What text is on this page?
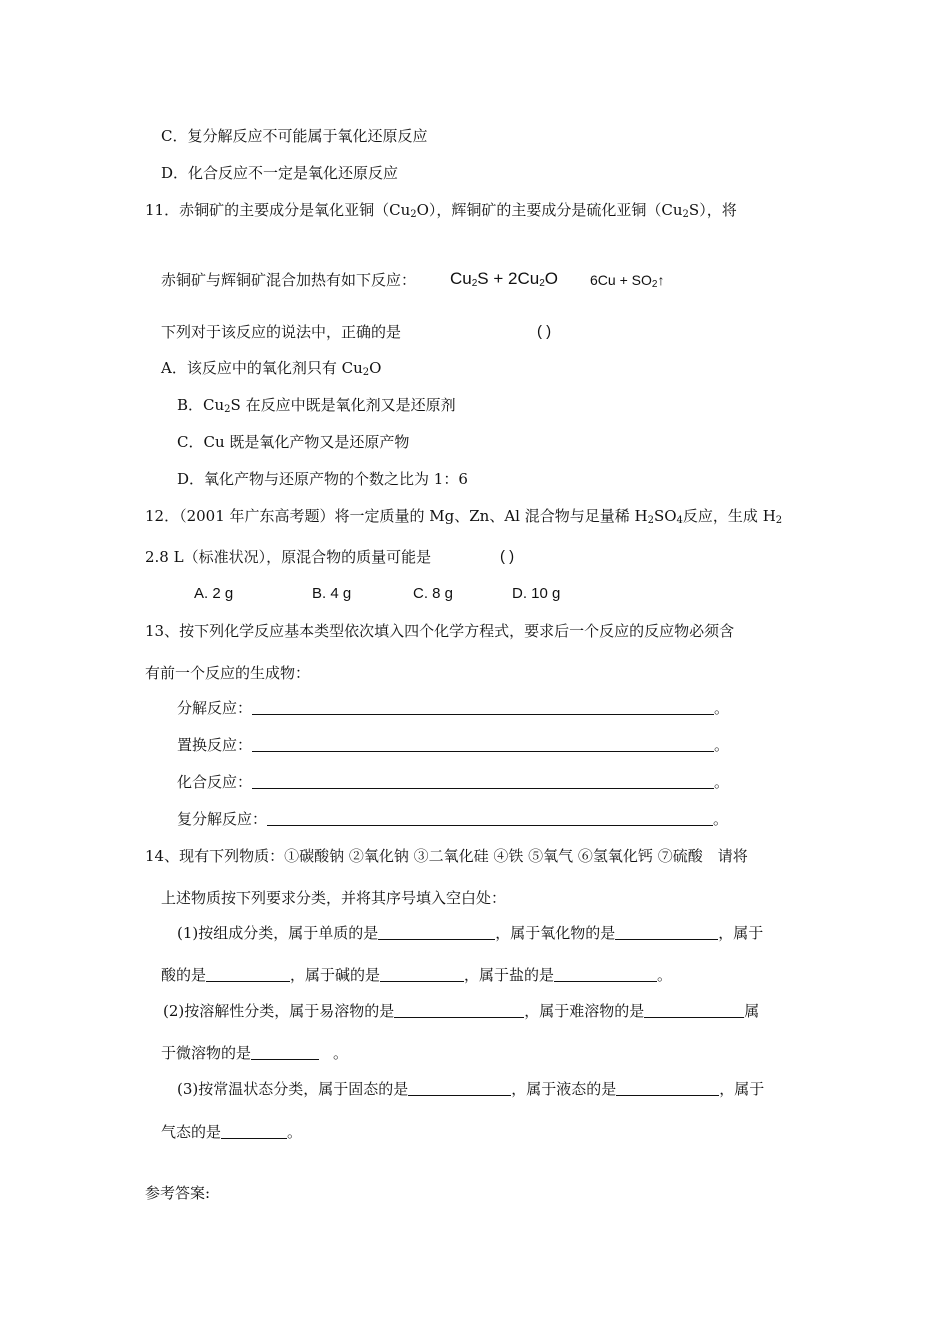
C．复分解反应不可能属于氧化还原反应
D．化合反应不一定是氧化还原反应
11．赤铜矿的主要成分是氧化亚铜$(Cu_2O)$，辉铜矿的主要成分是硫化亚铜$(Cu_2S)$，将
赤铜矿与辉铜矿混合加热有如下反应： $Cu_2S + 2Cu_2O$ $6Cu + SO_2↑$
下列对于该反应的说法中，正确的是	( )
A．该反应中的氧化剂只有 $Cu_2O$
B．$Cu_2S$ 在反应中既是氧化剂又是还原剂
C．Cu 既是氧化产物又是还原产物
D．氧化产物与还原产物的个数之比为 1：6
12．（2001 年广东高考题）将一定质量的 Mg、Zn、Al 混合物与足量稀 $H_2SO_4$反应，生成 $H_2$
2.8 L（标准状况），原混合物的质量可能是	( )
A. 2 g	B. 4 g	C. 8 g	D. 10 g
13、按下列化学反应基本类型依次填入四个化学方程式，要求后一个反应的反应物必须含
有前一个反应的生成物：
分解反应：	。
置换反应：	。
化合反应：	。
复分解反应：	。
14、现有下列物质：①碳酸钠 ②氧化钠 ③二氧化硅 ④铁 ⑤氧气 ⑥氢氧化钙 ⑦硫酸　请将
上述物质按下列要求分类，并将其序号填入空白处：
(1)按组成分类，属于单质的是	，属于氧化物的是	，属于
酸的是	，属于碱的是	，属于盐的是	。
(2)按溶解性分类，属于易溶物的是	，属于难溶物的是	属
于微溶物的是	。
(3)按常温状态分类，属于固态的是	，属于液态的是	，属于
气态的是	。
参考答案:
